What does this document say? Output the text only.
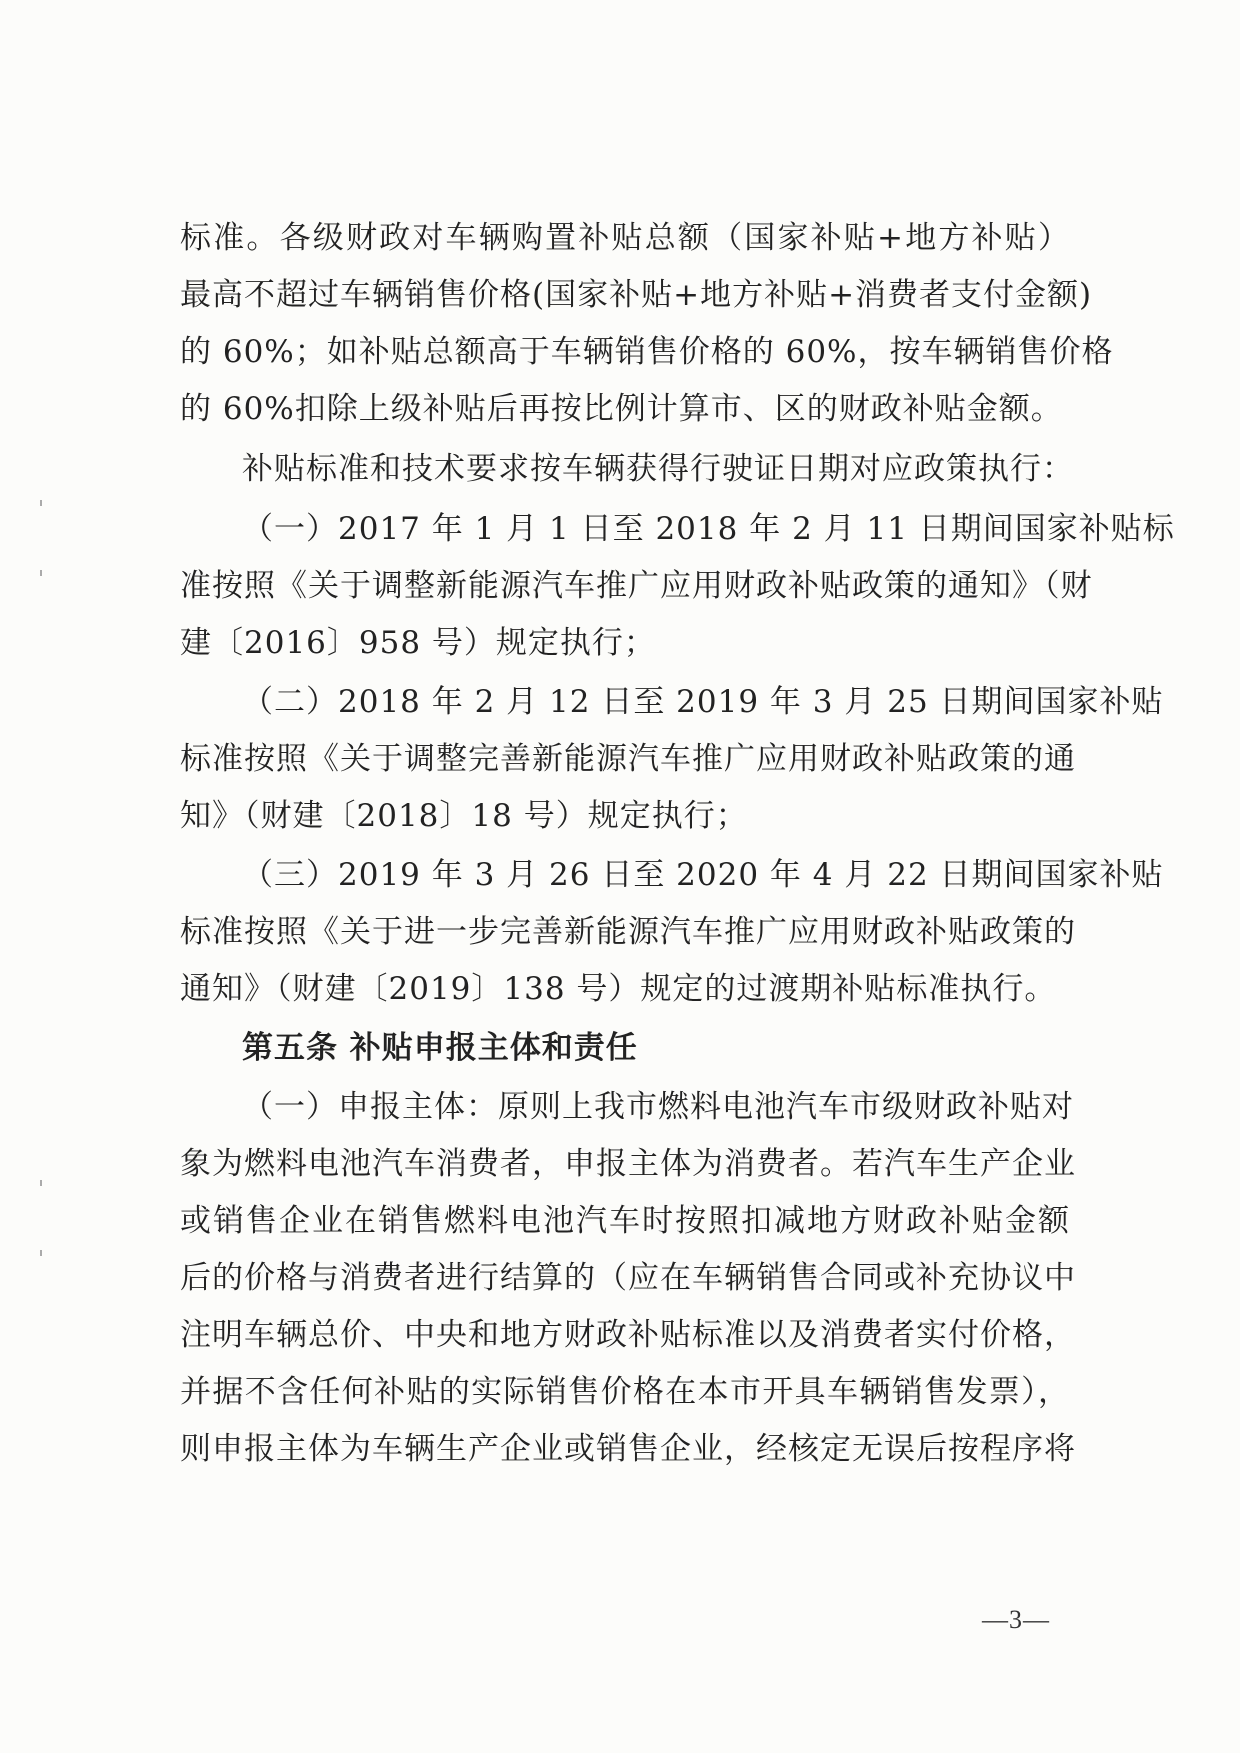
标准。各级财政对车辆购置补贴总额（国家补贴+地方补贴）
最高不超过车辆销售价格(国家补贴+地方补贴+消费者支付金额)
的 60%；如补贴总额高于车辆销售价格的 60%，按车辆销售价格
的 60%扣除上级补贴后再按比例计算市、区的财政补贴金额。
补贴标准和技术要求按车辆获得行驶证日期对应政策执行：
（一）2017 年 1 月 1 日至 2018 年 2 月 11 日期间国家补贴标
准按照《关于调整新能源汽车推广应用财政补贴政策的通知》（财
建〔2016〕958 号）规定执行；
（二）2018 年 2 月 12 日至 2019 年 3 月 25 日期间国家补贴
标准按照《关于调整完善新能源汽车推广应用财政补贴政策的通
知》（财建〔2018〕18 号）规定执行；
（三）2019 年 3 月 26 日至 2020 年 4 月 22 日期间国家补贴
标准按照《关于进一步完善新能源汽车推广应用财政补贴政策的
通知》（财建〔2019〕138 号）规定的过渡期补贴标准执行。
第五条 补贴申报主体和责任
（一）申报主体：原则上我市燃料电池汽车市级财政补贴对
象为燃料电池汽车消费者，申报主体为消费者。若汽车生产企业
或销售企业在销售燃料电池汽车时按照扣减地方财政补贴金额
后的价格与消费者进行结算的（应在车辆销售合同或补充协议中
注明车辆总价、中央和地方财政补贴标准以及消费者实付价格，
并据不含任何补贴的实际销售价格在本市开具车辆销售发票），
则申报主体为车辆生产企业或销售企业，经核定无误后按程序将
—3—
